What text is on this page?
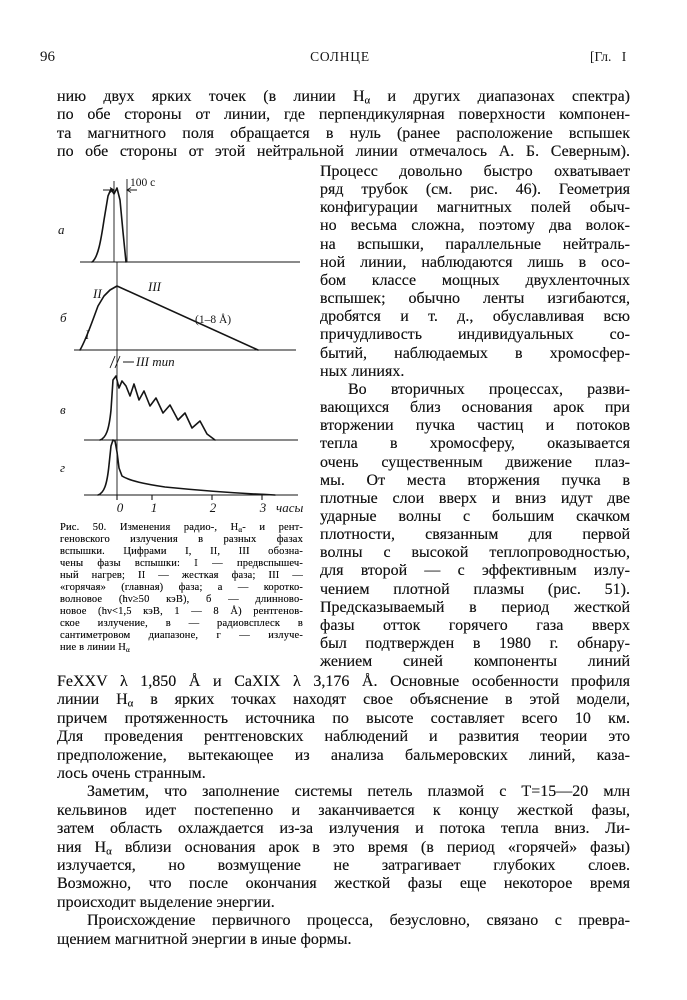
96	СОЛНЦЕ	[Гл. I
нию двух ярких точек (в линии $H_\alpha$ и других диапазонах спектра)
по обе стороны от линии, где перпендикулярная поверхности компонен-
та магнитного поля обращается в нуль (ранее расположение вспышек
по обе стороны от этой нейтральной линии отмечалось А. Б. Северным).
100 с
а
б
I
II	III
(1–8 Å)
в
III тип
г
0 1	2	3 часы
Рис. 50. Изменения радио-, $H_\alpha-$ и рент-
геновского излучения в разных фазах
вспышки. Цифрами I, II, III обозна-
чены фазы вспышки: I — предвспышеч-
ный нагрев; II — жесткая фаза; III —
«горячая» (главная) фаза; а — коротко-
волновое (hν≥50 кэВ), б — длинново-
новое (hν<1,5 кэВ, 1 — 8 Å) рентгенов-
ское излучение, в — радиовсплеск в
сантиметровом диапазоне, г — излуче-
ние в линии $H_\alpha$
Процесс довольно быстро охватывает
ряд трубок (см. рис. 46). Геометрия
конфигурации магнитных полей обыч-
но весьма сложна, поэтому два волок-
на вспышки, параллельные нейтраль-
ной линии, наблюдаются лишь в осо-
бом классе мощных двухленточных
вспышек; обычно ленты изгибаются,
дробятся и т. д., обуславливая всю
причудливость индивидуальных со-
бытий, наблюдаемых в хромосфер-
ных линиях.
Во вторичных процессах, разви-
вающихся близ основания арок при
вторжении пучка частиц и потоков
тепла в хромосферу, оказывается
очень существенным движение плаз-
мы. От места вторжения пучка в
плотные слои вверх и вниз идут две
ударные волны с большим скачком
плотности, связанным для первой
волны с высокой теплопроводностью,
для второй — с эффективным излу-
чением плотной плазмы (рис. 51).
Предсказываемый в период жесткой
фазы отток горячего газа вверх
был подтвержден в 1980 г. обнару-
жением синей компоненты линий
FeXXV λ 1,850 Å и CaXIX λ 3,176 Å. Основные особенности профиля
линии $H_\alpha$ в ярких точках находят свое объяснение в этой модели,
причем протяженность источника по высоте составляет всего 10 км.
Для проведения рентгеновских наблюдений и развития теории это
предположение, вытекающее из анализа бальмеровских линий, каза-
лось очень странным.
Заметим, что заполнение системы петель плазмой с T=15—20 млн
кельвинов идет постепенно и заканчивается к концу жесткой фазы,
затем область охлаждается из-за излучения и потока тепла вниз. Ли-
ния $H_\alpha$ вблизи основания арок в это время (в период «горячей» фазы)
излучается, но возмущение не затрагивает глубоких слоев.
Возможно, что после окончания жесткой фазы еще некоторое время
происходит выделение энергии.
Происхождение первичного процесса, безусловно, связано с превра-
щением магнитной энергии в иные формы.
